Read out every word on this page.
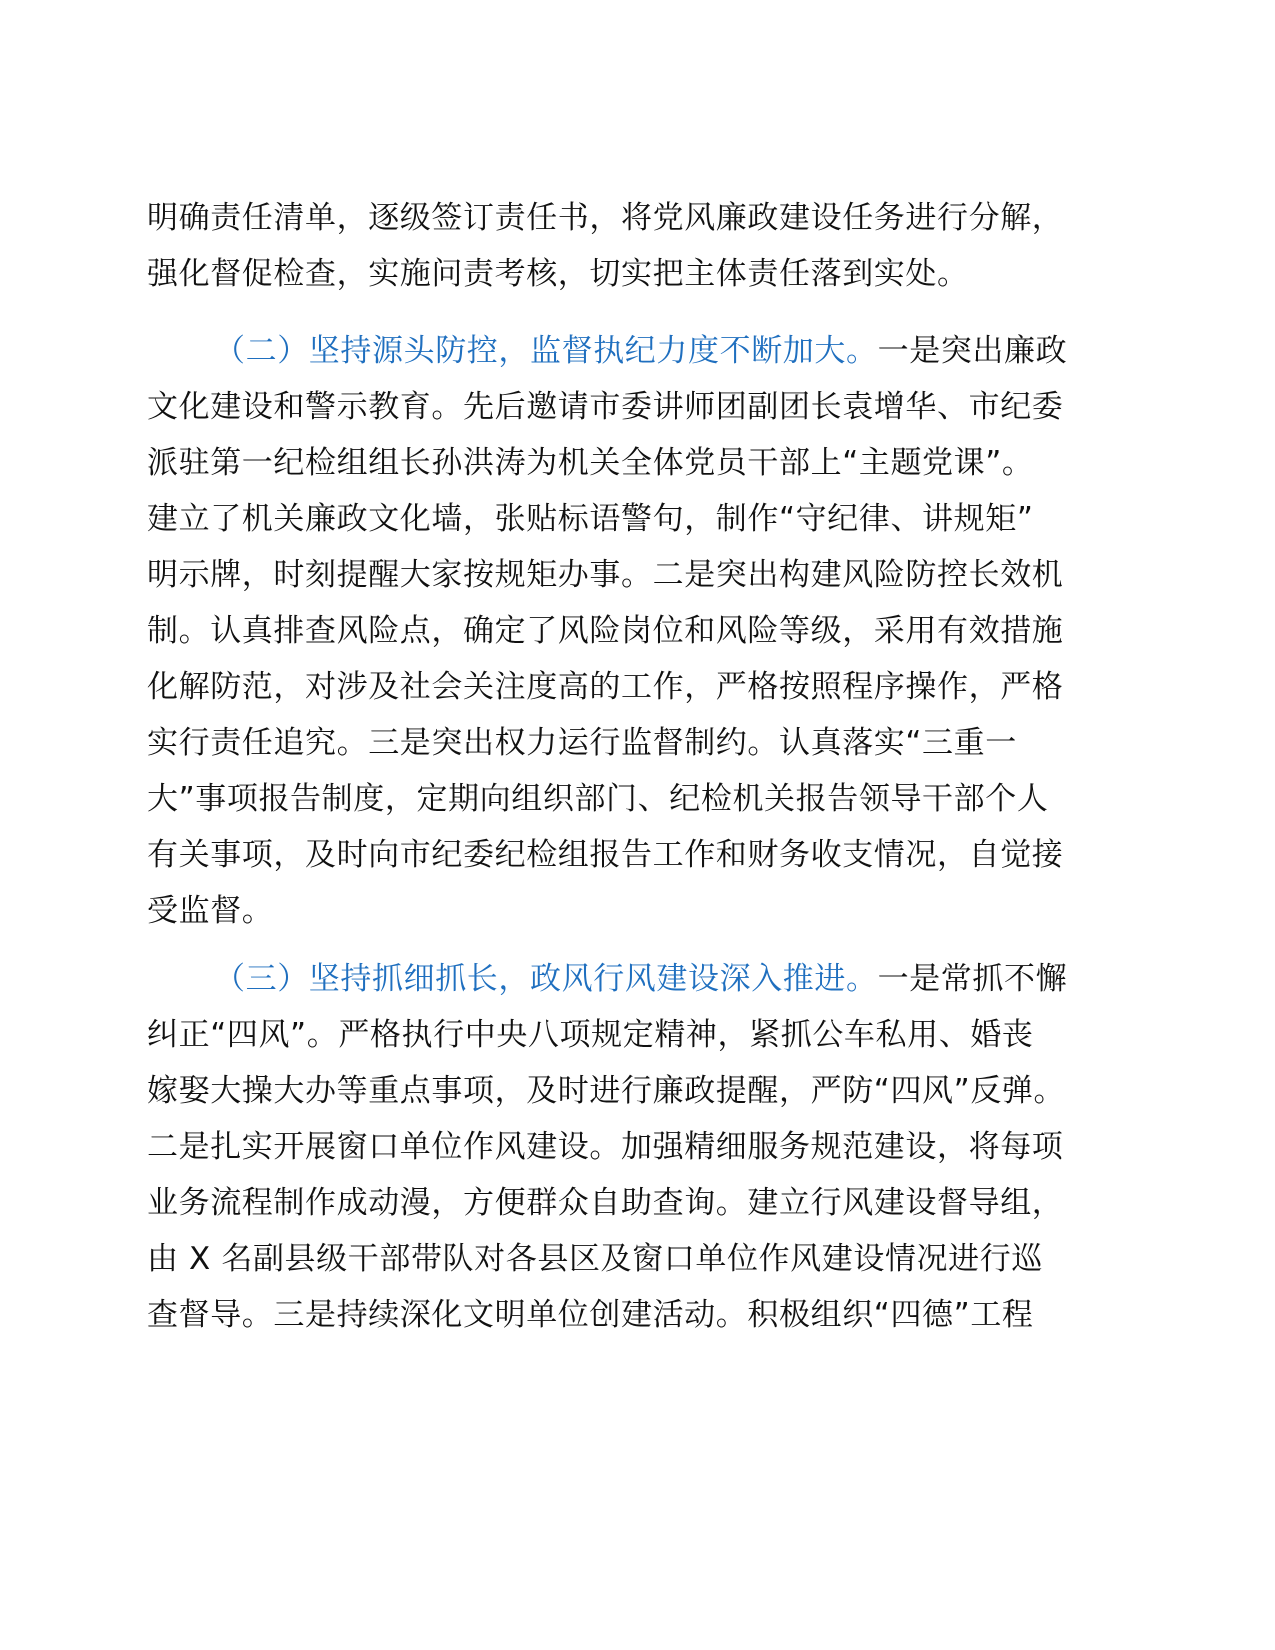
明确责任清单，逐级签订责任书，将党风廉政建设任务进行分解，
强化督促检查，实施问责考核，切实把主体责任落到实处。
（二）坚持源头防控，监督执纪力度不断加大。一是突出廉政
文化建设和警示教育。先后邀请市委讲师团副团长袁增华、市纪委
派驻第一纪检组组长孙洪涛为机关全体党员干部上“主题党课”。
建立了机关廉政文化墙，张贴标语警句，制作“守纪律、讲规矩”
明示牌，时刻提醒大家按规矩办事。二是突出构建风险防控长效机
制。认真排查风险点，确定了风险岗位和风险等级，采用有效措施
化解防范，对涉及社会关注度高的工作，严格按照程序操作，严格
实行责任追究。三是突出权力运行监督制约。认真落实“三重一
大”事项报告制度，定期向组织部门、纪检机关报告领导干部个人
有关事项，及时向市纪委纪检组报告工作和财务收支情况，自觉接
受监督。
（三）坚持抓细抓长，政风行风建设深入推进。一是常抓不懈
纠正“四风”。严格执行中央八项规定精神，紧抓公车私用、婚丧
嫁娶大操大办等重点事项，及时进行廉政提醒，严防“四风”反弹。
二是扎实开展窗口单位作风建设。加强精细服务规范建设，将每项
业务流程制作成动漫，方便群众自助查询。建立行风建设督导组，
由 X 名副县级干部带队对各县区及窗口单位作风建设情况进行巡
查督导。三是持续深化文明单位创建活动。积极组织“四德”工程
